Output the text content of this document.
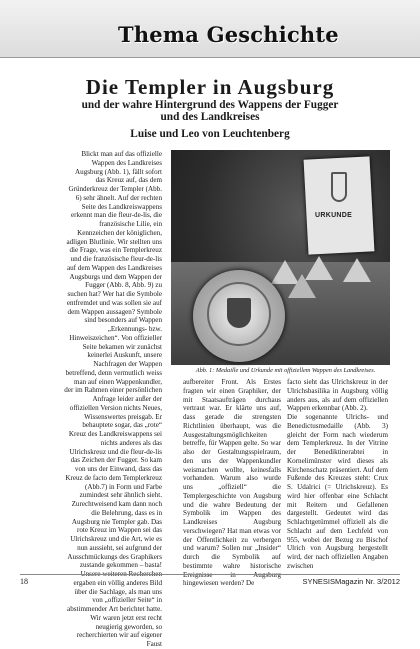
Thema Geschichte
Die Templer in Augsburg
und der wahre Hintergrund des Wappens der Fugger
und des Landkreises
Luise und Leo von Leuchtenberg

Blickt man auf das offizielle Wappen des Landkreises Augsburg (Abb. 1), fällt sofort das Kreuz auf, das dem Gründerkreuz der Templer (Abb. 6) sehr ähnelt. Auf der rechten Seite des Landkreiswappens erkennt man die fleur-de-lis, die französische Lilie, ein Kennzeichen der königlichen, adligen Blutlinie. Wir stellten uns die Frage, was ein Templerkreuz und die französische fleur-de-lis auf dem Wappen des Landkreises Augsburgs und dem Wappen der Fugger (Abb. 8, Abb. 9) zu suchen hat? Wer hat die Symbole entfremdet und was sollen sie auf dem Wappen aussagen? Symbole sind besonders auf Wappen „Erkennungs- bzw. Hinweiszeichen“. Von offizieller Seite bekamen wir zunächst keinerlei Auskunft, unsere Nachfragen der Wappen betreffend, denn vermutlich weiss man auf einen Wappenkundler, der im Rahmen einer persönlichen Anfrage leider außer der offiziellen Version nichts Neues, Wissenswertes preisgab. Er behauptete sogar, das „rote“ Kreuz des Landkreiswappens sei nichts anderes als das Ulrichskreuz und die fleur-de-lis das Zeichen der Fugger. So kam von uns der Einwand, dass das Kreuz de facto dem Templerkreuz (Abb.7) in Form und Farbe zumindest sehr ähnlich sieht. Zurechtweisend kam dann noch die Belehrung, dass es in Augsburg nie Templer gab. Das rote Kreuz im Wappen sei das Ulrichskreuz und die Art, wie es nun aussieht, sei aufgrund der Ausschmückungs des Graphikers zustande gekommen – basta!
Unsere weiteren Recherchen ergaben ein völlig anderes Bild über die Sachlage, als man uns von „offizieller Seite“ in abstimmender Art berichtet hatte. Wir waren jetzt erst recht neugierig geworden, so recherchierten wir auf eigener Faust

URKUNDE
Abb. 1: Medaille und Urkunde mit offiziellem Wappen des Landkreises.

aufbereiter Front. Als Erstes fragten wir einen Graphiker, der mit Staatsaufträgen durchaus vertraut war. Er klärte uns auf, dass gerade die strengsten Richtlinien überhaupt, was die Ausgestaltungsmöglichkeiten betreffe, für Wappen gelte. So war also der Gestaltungsspielraum, den uns der Wappenkundler weismachen wollte, keinesfalls vorhanden. Warum also wurde uns „offiziell“ die Templergeschichte von Augsburg und die wahre Bedeutung der Symbolik im Wappen des Landkreises Augsburg verschwiegen? Hat man etwas vor der Öffentlichkeit zu verbergen und warum? Sollen nur „Insider“ durch die Symbolik auf bestimmte wahre historische Ereignisse in Augsburg hingewiesen werden? De

facto sieht das Ulrichskreuz in der Ulrichsbasilika in Augsburg völlig anders aus, als auf dem offiziellen Wappen erkennbar (Abb. 2).
Die sogenannte Ulrichs- und Benedictusmedaille (Abb. 3) gleicht der Form nach wiederum dem Templerkreuz. In der Vitrine der Benediktinerabtei in Kornelimünster wird dieses als Kirchenschatz präsentiert. Auf dem Fußende des Kreuzes steht: Crux S. Udalrici (= Ulrichskreuz). Es wird hier offenbar eine Schlacht mit Reitern und Gefallenen dargestellt. Gedeutet wird das Schlachtgetümmel offiziell als die Schlacht auf dem Lechfeld von 955, wobei der Bezug zu Bischof Ulrich von Augsburg hergestellt wird, der nach offiziellen Angaben zwischen

18	SYNESISMagazin Nr. 3/2012
